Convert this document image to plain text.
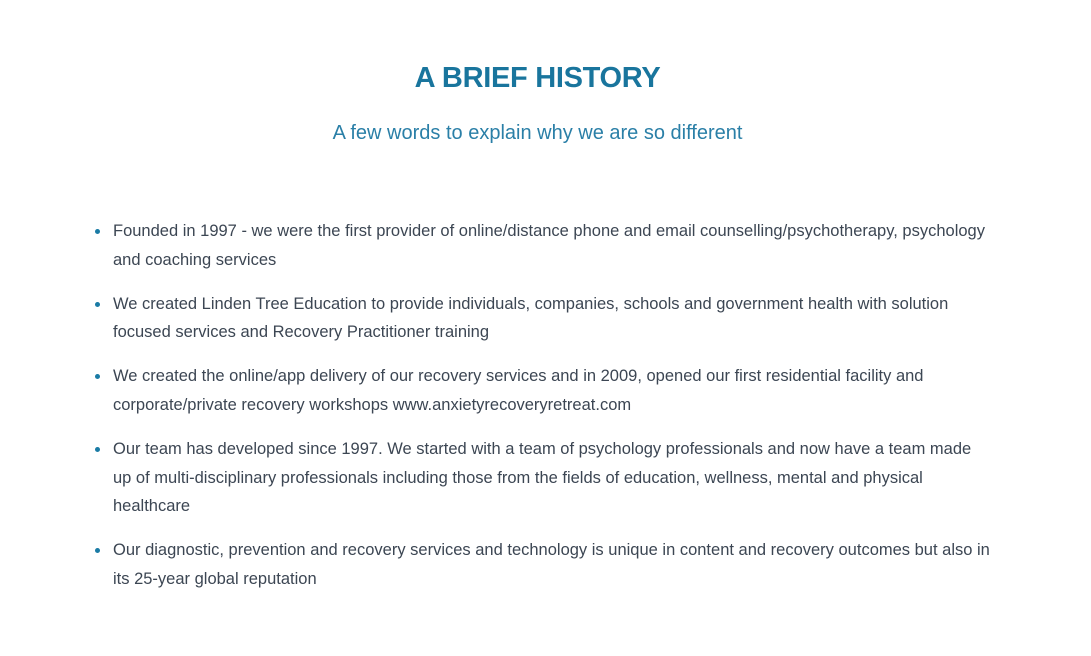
A BRIEF HISTORY
A few words to explain why we are so different
Founded in 1997 - we were the first provider of online/distance phone and email counselling/psychotherapy, psychology and coaching services
We created Linden Tree Education to provide individuals, companies, schools and government health with solution focused services and Recovery Practitioner training
We created the online/app delivery of our recovery services and in 2009, opened our first residential facility and corporate/private recovery workshops www.anxietyrecoveryretreat.com
Our team has developed since 1997. We started with a team of psychology professionals and now have a team made up of multi-disciplinary professionals including those from the fields of education, wellness, mental and physical healthcare
Our diagnostic, prevention and recovery services and technology is unique in content and recovery outcomes but also in its 25-year global reputation
